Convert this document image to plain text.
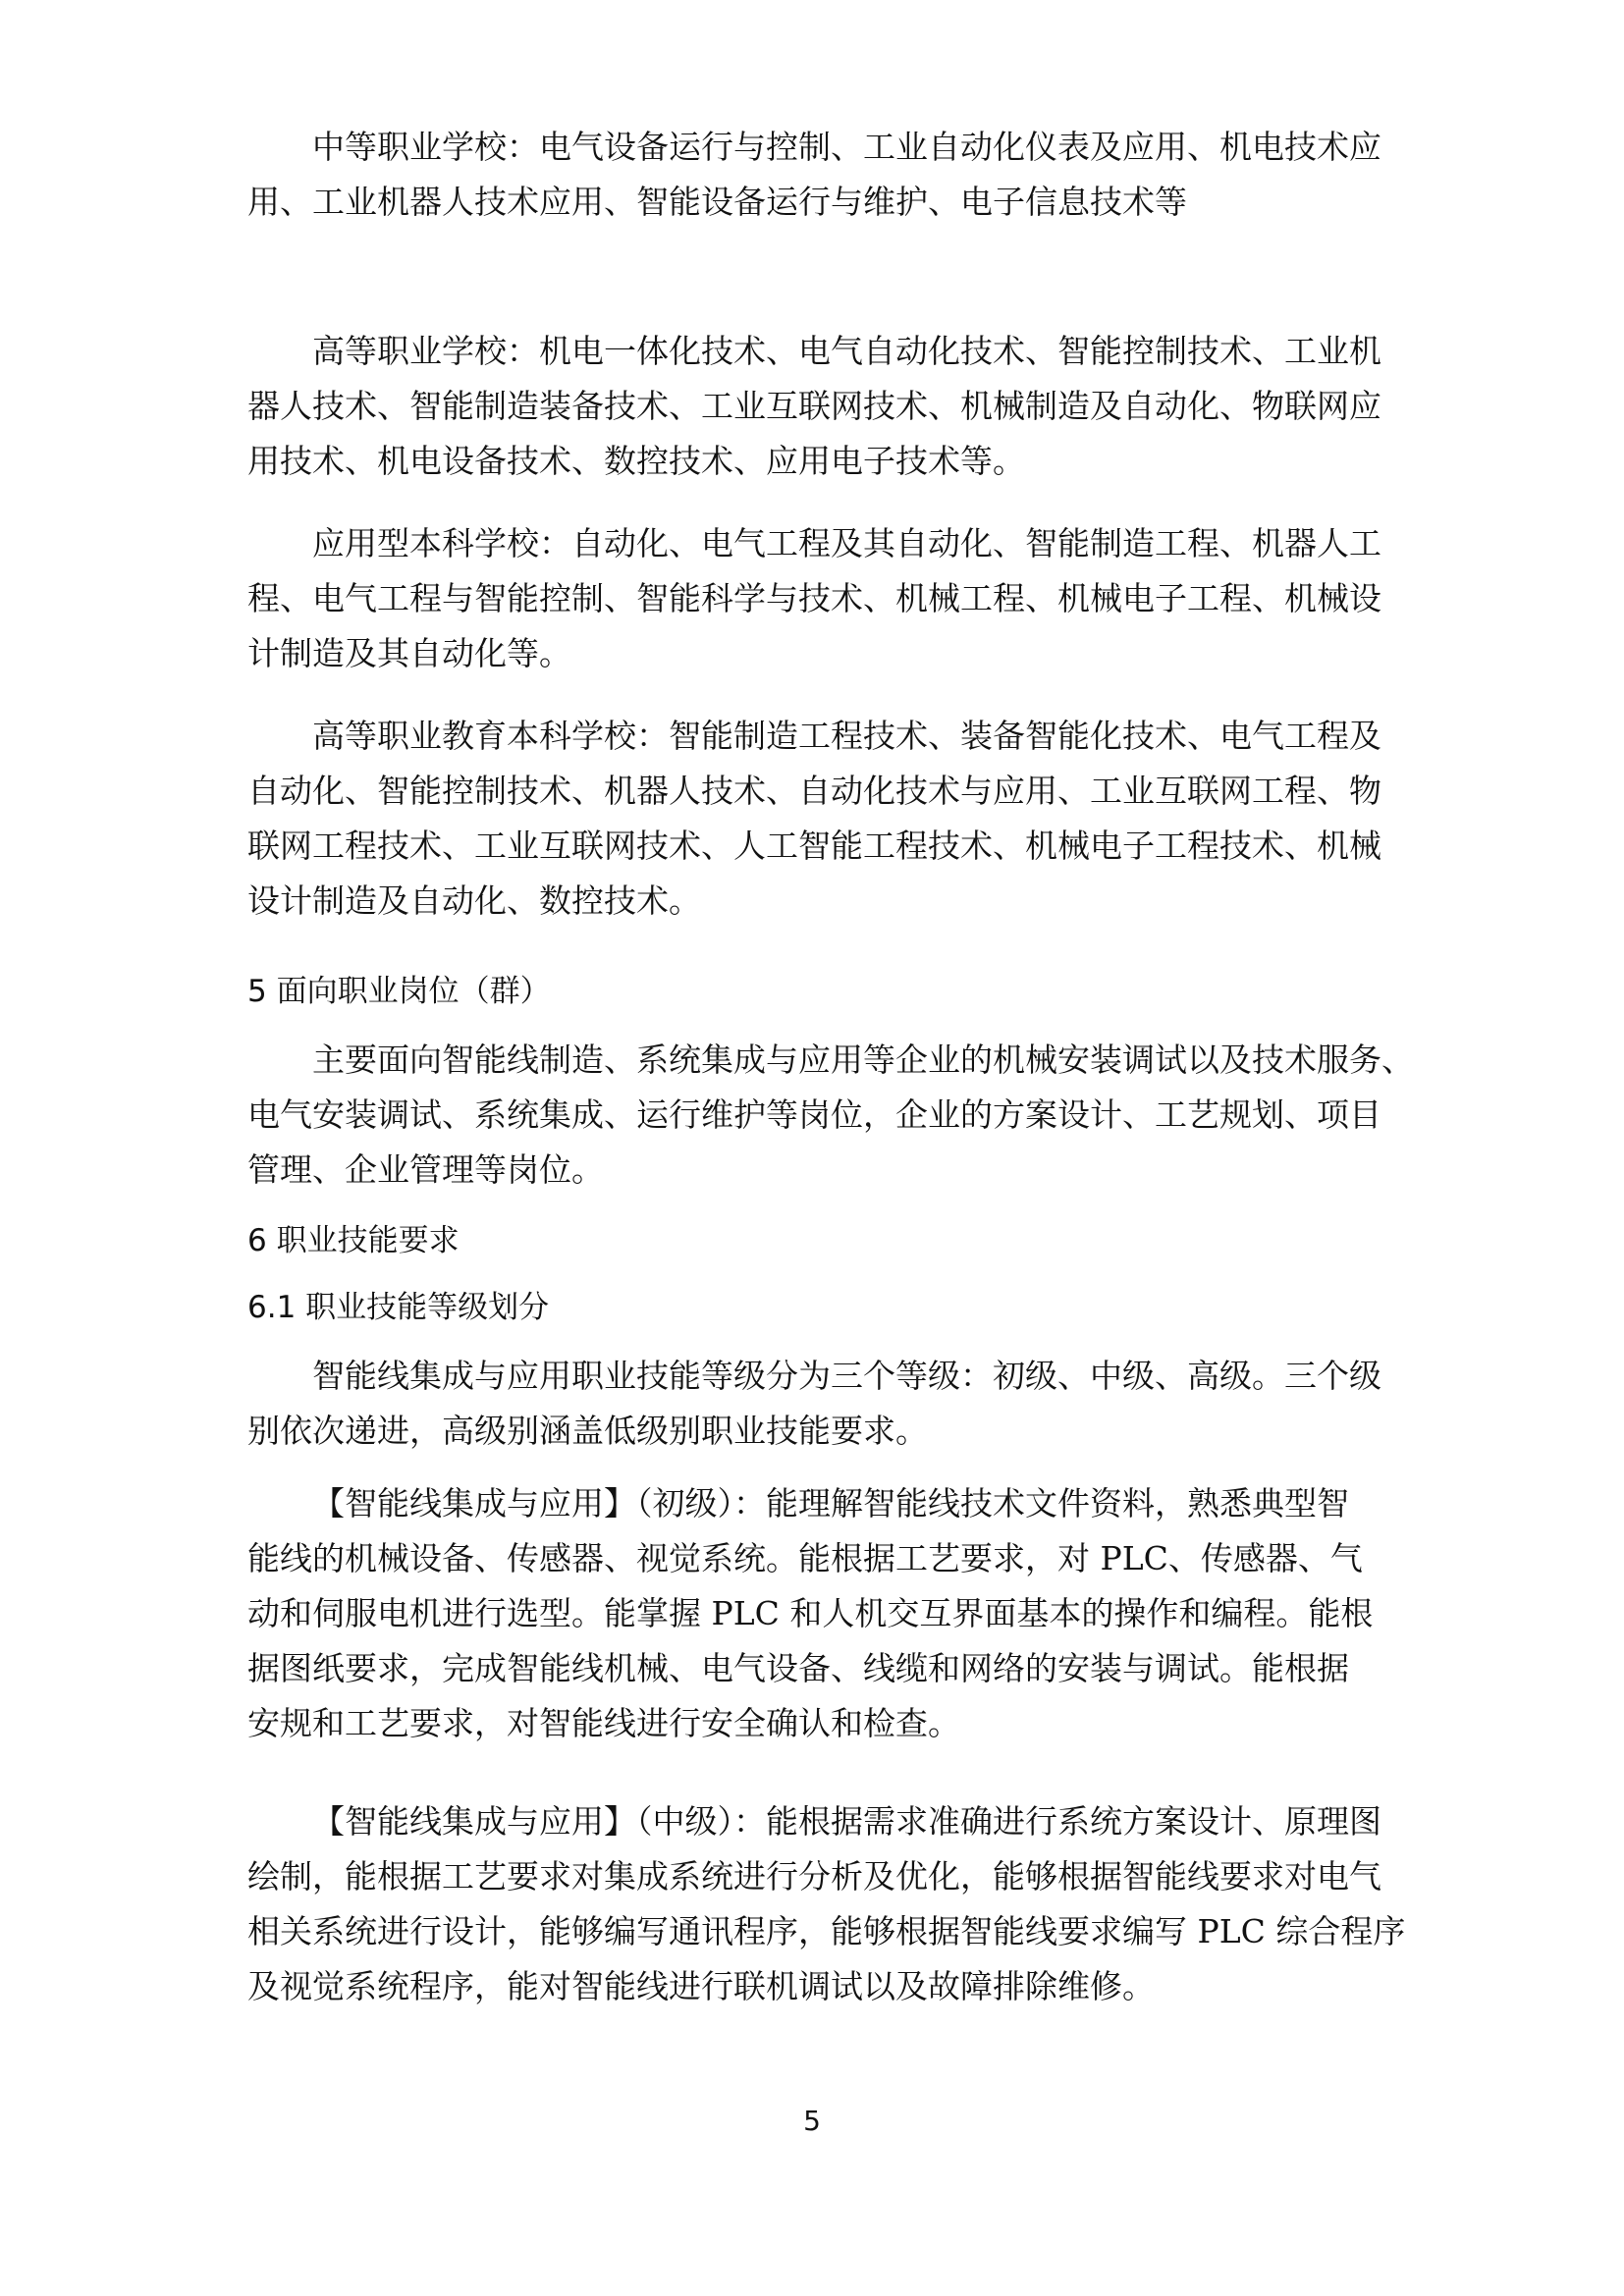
中等职业学校：电气设备运行与控制、工业自动化仪表及应用、机电技术应
用、工业机器人技术应用、智能设备运行与维护、电子信息技术等
高等职业学校：机电一体化技术、电气自动化技术、智能控制技术、工业机
器人技术、智能制造装备技术、工业互联网技术、机械制造及自动化、物联网应
用技术、机电设备技术、数控技术、应用电子技术等。
应用型本科学校：自动化、电气工程及其自动化、智能制造工程、机器人工
程、电气工程与智能控制、智能科学与技术、机械工程、机械电子工程、机械设
计制造及其自动化等。
高等职业教育本科学校：智能制造工程技术、装备智能化技术、电气工程及
自动化、智能控制技术、机器人技术、自动化技术与应用、工业互联网工程、物
联网工程技术、工业互联网技术、人工智能工程技术、机械电子工程技术、机械
设计制造及自动化、数控技术。
5 面向职业岗位（群）
主要面向智能线制造、系统集成与应用等企业的机械安装调试以及技术服务、
电气安装调试、系统集成、运行维护等岗位，企业的方案设计、工艺规划、项目
管理、企业管理等岗位。
6 职业技能要求
6.1 职业技能等级划分
智能线集成与应用职业技能等级分为三个等级：初级、中级、高级。三个级
别依次递进，高级别涵盖低级别职业技能要求。
【智能线集成与应用】（初级）：能理解智能线技术文件资料，熟悉典型智
能线的机械设备、传感器、视觉系统。能根据工艺要求，对 PLC、传感器、气
动和伺服电机进行选型。能掌握 PLC 和人机交互界面基本的操作和编程。能根
据图纸要求，完成智能线机械、电气设备、线缆和网络的安装与调试。能根据
安规和工艺要求，对智能线进行安全确认和检查。
【智能线集成与应用】（中级）：能根据需求准确进行系统方案设计、原理图
绘制，能根据工艺要求对集成系统进行分析及优化，能够根据智能线要求对电气
相关系统进行设计，能够编写通讯程序，能够根据智能线要求编写 PLC 综合程序
及视觉系统程序，能对智能线进行联机调试以及故障排除维修。
5
